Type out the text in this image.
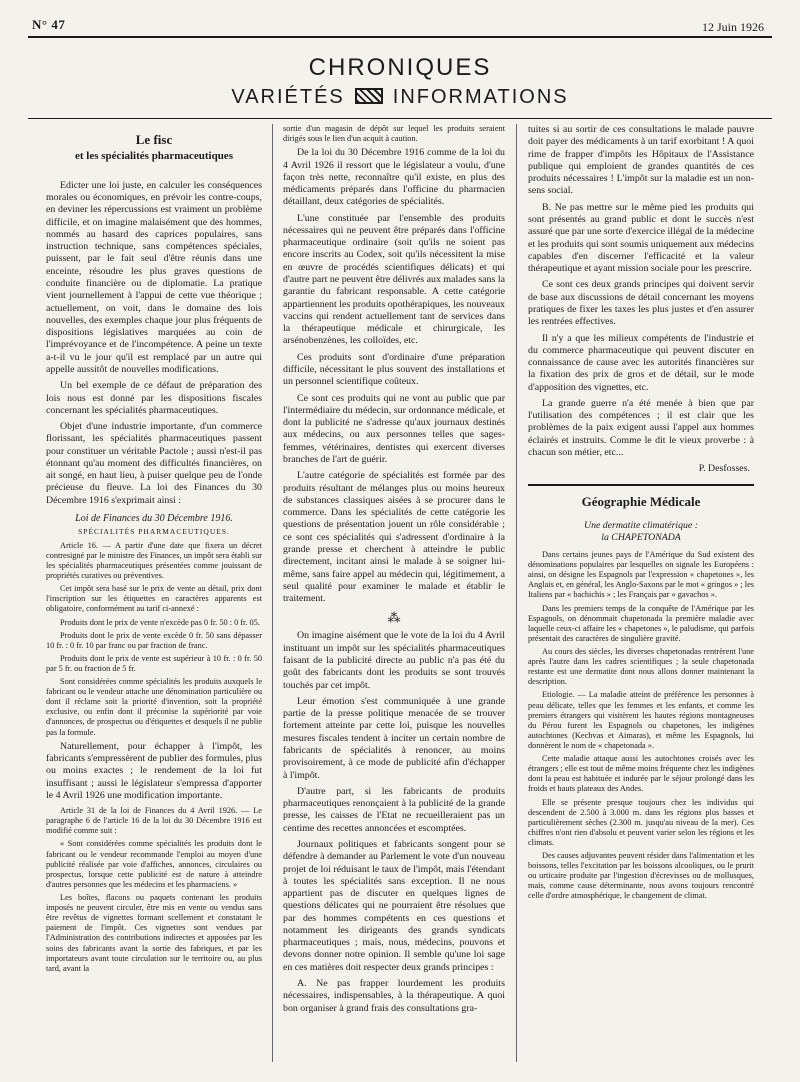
N° 47	12 Juin 1926
CHRONIQUES
VARIÉTÉS INFORMATIONS
Le fisc
et les spécialités pharmaceutiques

Edicter une loi juste, en calculer les conséquences morales ou économiques, en prévoir les contre-coups, en deviner les répercussions est vraiment un problème difficile, et on imagine malaisément que des hommes, nommés au hasard des caprices populaires, sans instruction technique, sans compétences spéciales, puissent, par le fait seul d'être réunis dans une enceinte, résoudre les plus graves questions de conduite financière ou de diplomatie. La pratique vient journellement à l'appui de cette vue théorique ; actuellement, on voit, dans le domaine des lois nouvelles, des exemples chaque jour plus fréquents de dispositions législatives marquées au coin de l'imprévoyance et de l'incompétence. A peine un texte a-t-il vu le jour qu'il est remplacé par un autre qui appelle aussitôt de nouvelles modifications.

Un bel exemple de ce défaut de préparation des lois nous est donné par les dispositions fiscales concernant les spécialités pharmaceutiques.

Objet d'une industrie importante, d'un commerce florissant, les spécialités pharmaceutiques passent pour constituer un véritable Pactole ; aussi n'est-il pas étonnant qu'au moment des difficultés financières, on ait songé, en haut lieu, à puiser quelque peu de l'onde précieuse du fleuve. La loi des Finances du 30 Décembre 1916 s'exprimait ainsi :

Loi de Finances du 30 Décembre 1916.
SPÉCIALITÉS PHARMACEUTIQUES.

Article 16. — A partir d'une date que fixera un décret contresigné par le ministre des Finances, un impôt sera établi sur les spécialités pharmaceutiques présentées comme jouissant de propriétés curatives ou préventives.

Cet impôt sera basé sur le prix de vente au détail, prix dont l'inscription sur les étiquettes en caractères apparents est obligatoire, conformément au tarif ci-annexé :

Produits dont le prix de vente n'excède pas 0 fr. 50 : 0 fr. 05.

Produits dont le prix de vente excède 0 fr. 50 sans dépasser 10 fr. : 0 fr. 10 par franc ou par fraction de franc.

Produits dont le prix de vente est supérieur à 10 fr. : 0 fr. 50 par 5 fr. ou fraction de 5 fr.

Sont considérées comme spécialités les produits auxquels le fabricant ou le vendeur attache une dénomination particulière ou dont il réclame soit la priorité d'invention, soit la propriété exclusive, ou enfin dont il préconise la supériorité par voie d'annonces, de prospectus ou d'étiquettes et desquels il ne publie pas la formule.

Naturellement, pour échapper à l'impôt, les fabricants s'empressèrent de publier des formules, plus ou moins exactes ; le rendement de la loi fut insuffisant ; aussi le législateur s'empressa d'apporter le 4 Avril 1926 une modification importante.

Article 31 de la loi de Finances du 4 Avril 1926. — Le paragraphe 6 de l'article 16 de la loi du 30 Décembre 1916 est modifié comme suit :

« Sont considérées comme spécialités les produits dont le fabricant ou le vendeur recommande l'emploi au moyen d'une publicité réalisée par voie d'affiches, annonces, circulaires ou prospectus, lorsque cette publicité est de nature à atteindre d'autres personnes que les médecins et les pharmaciens. »

Les boîtes, flacons ou paquets contenant les produits imposés ne peuvent circuler, être mis en vente ou vendus sans être revêtus de vignettes formant scellement et constatant le paiement de l'impôt. Ces vignettes sont vendues par l'Administration des contributions indirectes et apposées par les soins des fabricants avant la sortie des fabriques, et par les importateurs avant toute circulation sur le territoire ou, au plus tard, avant la

sortie d'un magasin de dépôt sur lequel les produits seraient dirigés sous le lien d'un acquit à caution.

De la loi du 30 Décembre 1916 comme de la loi du 4 Avril 1926 il ressort que le législateur a voulu, d'une façon très nette, reconnaître qu'il existe, en plus des médicaments préparés dans l'officine du pharmacien détaillant, deux catégories de spécialités.

L'une constituée par l'ensemble des produits nécessaires qui ne peuvent être préparés dans l'officine pharmaceutique ordinaire (soit qu'ils ne soient pas encore inscrits au Codex, soit qu'ils nécessitent la mise en œuvre de procédés scientifiques délicats) et qui d'autre part ne peuvent être délivrés aux malades sans la garantie du fabricant responsable. A cette catégorie appartiennent les produits opothérapiques, les nouveaux vaccins qui rendent actuellement tant de services dans la thérapeutique médicale et chirurgicale, les arsénobenzènes, les colloïdes, etc.

Ces produits sont d'ordinaire d'une préparation difficile, nécessitant le plus souvent des installations et un personnel scientifique coûteux.

Ce sont ces produits qui ne vont au public que par l'intermédiaire du médecin, sur ordonnance médicale, et dont la publicité ne s'adresse qu'aux journaux destinés aux médecins, ou aux personnes telles que sages-femmes, vétérinaires, dentistes qui exercent diverses branches de l'art de guérir.

L'autre catégorie de spécialités est formée par des produits résultant de mélanges plus ou moins heureux de substances classiques aisées à se procurer dans le commerce. Dans les spécialités de cette catégorie les questions de présentation jouent un rôle considérable ; ce sont ces spécialités qui s'adressent d'ordinaire à la grande presse et cherchent à atteindre le public directement, incitant ainsi le malade à se soigner lui-même, sans faire appel au médecin qui, légitimement, a seul qualité pour examiner le malade et établir le traitement.

⁂

On imagine aisément que le vote de la loi du 4 Avril instituant un impôt sur les spécialités pharmaceutiques faisant de la publicité directe au public n'a pas été du goût des fabricants dont les produits se sont trouvés touchés par cet impôt.

Leur émotion s'est communiquée à une grande partie de la presse politique menacée de se trouver fortement atteinte par cette loi, puisque les nouvelles mesures fiscales tendent à inciter un certain nombre de fabricants de spécialités à renoncer, au moins provisoirement, à ce mode de publicité afin d'échapper à l'impôt.

D'autre part, si les fabricants de produits pharmaceutiques renonçaient à la publicité de la grande presse, les caisses de l'Etat ne recueilleraient pas un centime des recettes annoncées et escomptées.

Journaux politiques et fabricants songent pour se défendre à demander au Parlement le vote d'un nouveau projet de loi réduisant le taux de l'impôt, mais l'étendant à toutes les spécialités sans exception. Il ne nous appartient pas de discuter en quelques lignes de questions délicates qui ne pourraient être résolues que par des hommes compétents en ces questions et notamment les dirigeants des grands syndicats pharmaceutiques ; mais, nous, médecins, pouvons et devons donner notre opinion. Il semble qu'une loi sage en ces matières doit respecter deux grands principes :

A. Ne pas frapper lourdement les produits nécessaires, indispensables, à la thérapeutique. A quoi bon organiser à grand frais des consultations gra-

tuites si au sortir de ces consultations le malade pauvre doit payer des médicaments à un tarif exorbitant ! A quoi rime de frapper d'impôts les Hôpitaux de l'Assistance publique qui emploient de grandes quantités de ces produits nécessaires ! L'impôt sur la maladie est un non-sens social.

B. Ne pas mettre sur le même pied les produits qui sont présentés au grand public et dont le succès n'est assuré que par une sorte d'exercice illégal de la médecine et les produits qui sont soumis uniquement aux médecins capables d'en discerner l'efficacité et la valeur thérapeutique et ayant mission sociale pour les prescrire.

Ce sont ces deux grands principes qui doivent servir de base aux discussions de détail concernant les moyens pratiques de fixer les taxes les plus justes et d'en assurer les rentrées effectives.

Il n'y a que les milieux compétents de l'industrie et du commerce pharmaceutique qui peuvent discuter en connaissance de cause avec les autorités financières sur la fixation des prix de gros et de détail, sur le mode d'apposition des vignettes, etc.

La grande guerre n'a été menée à bien que par l'utilisation des compétences ; il est clair que les problèmes de la paix exigent aussi l'appel aux hommes éclairés et instruits. Comme le dit le vieux proverbe : à chacun son métier, etc...

P. Desfosses.
Géographie Médicale
Une dermatite climatérique :
la CHAPETONADA

Dans certains jeunes pays de l'Amérique du Sud existent des dénominations populaires par lesquelles on signale les Européens : ainsi, on désigne les Espagnols par l'expression « chapetones », les Anglais et, en général, les Anglo-Saxons par le mot « gringos » ; les Italiens par « bachichis » ; les Français par « gavachos ».

Dans les premiers temps de la conquête de l'Amérique par les Espagnols, on dénommait chapetonada la première maladie avec laquelle ceux-ci affaire les « chapetones », le paludisme, qui parfois présentait des caractères de singulière gravité.

Au cours des siècles, les diverses chapetonadas rentrèrent l'une après l'autre dans les cadres scientifiques ; la seule chapetonada restante est une dermatite dont nous allons donner maintenant la description.

Etiologie. — La maladie atteint de préférence les personnes à peau délicate, telles que les femmes et les enfants, et comme les premiers étrangers qui visitèrent les hautes régions montagneuses du Pérou furent les Espagnols ou chapetones, les indigènes autochtones (Kechvas et Aimaras), et même les Espagnols, lui donnèrent le nom de « chapetonada ».

Cette maladie attaque aussi les autochtones croisés avec les étrangers ; elle est tout de même moins fréquente chez les indigènes dont la peau est habituée et indurée par le séjour prolongé dans les froids et hauts plateaux des Andes.

Elle se présente presque toujours chez les individus qui descendent de 2.500 à 3.000 m. dans les régions plus basses et particulièrement sèches (2.300 m. jusqu'au niveau de la mer). Ces chiffres n'ont rien d'absolu et peuvent varier selon les régions et les climats.

Des causes adjuvantes peuvent résider dans l'alimentation et les boissons, telles l'excitation par les boissons alcooliques, ou le prurit ou urticaire produite par l'ingestion d'écrevisses ou de mollusques, mais, comme cause déterminante, nous avons toujours rencontré celle d'ordre atmosphérique, le changement de climat.
